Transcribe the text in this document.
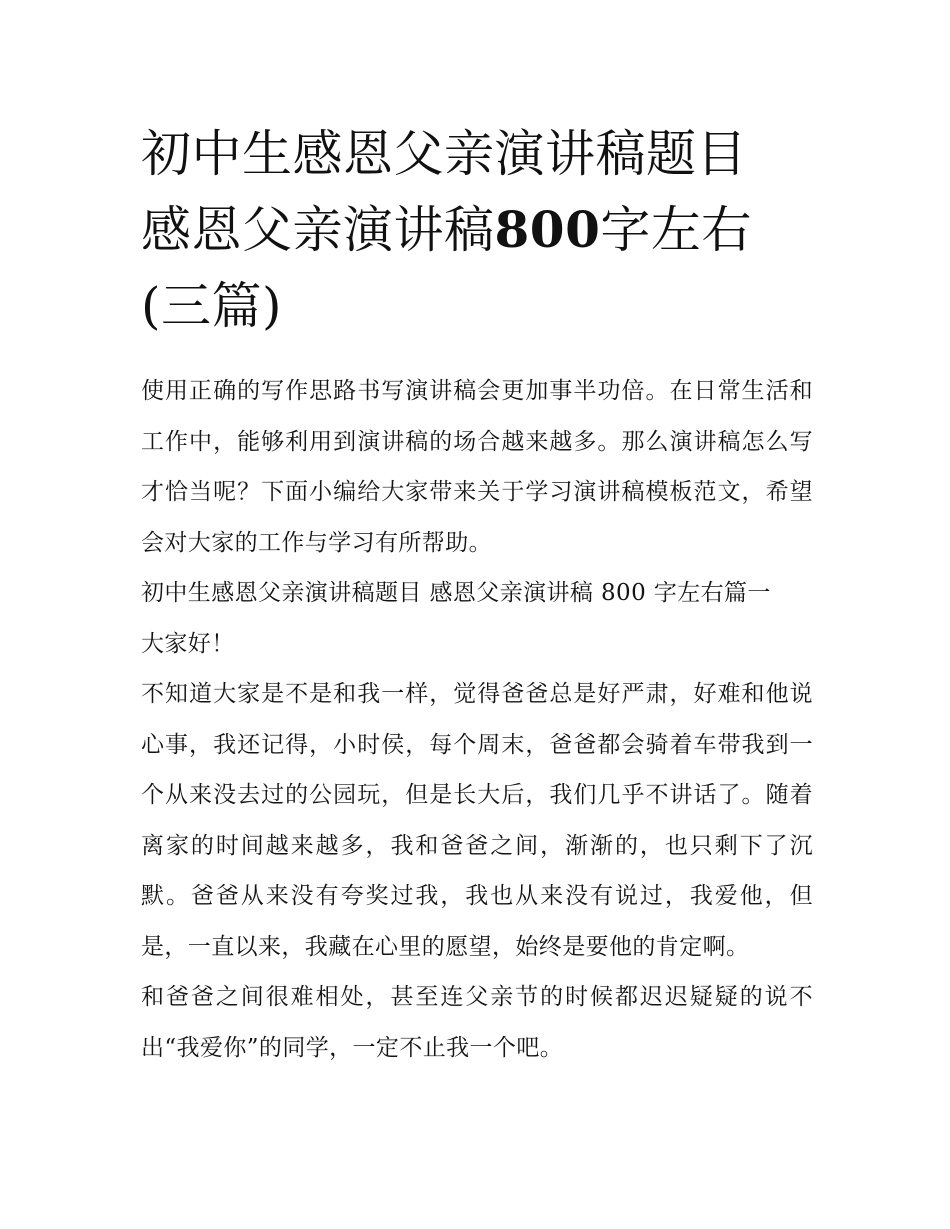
初中生感恩父亲演讲稿题目 感恩父亲演讲稿800字左右(三篇)

使用正确的写作思路书写演讲稿会更加事半功倍。在日常生活和工作中，能够利用到演讲稿的场合越来越多。那么演讲稿怎么写才恰当呢？下面小编给大家带来关于学习演讲稿模板范文，希望会对大家的工作与学习有所帮助。

初中生感恩父亲演讲稿题目 感恩父亲演讲稿 800 字左右篇一

大家好！

不知道大家是不是和我一样，觉得爸爸总是好严肃，好难和他说心事，我还记得，小时侯，每个周末，爸爸都会骑着车带我到一个从来没去过的公园玩，但是长大后，我们几乎不讲话了。随着离家的时间越来越多，我和爸爸之间，渐渐的，也只剩下了沉默。爸爸从来没有夸奖过我，我也从来没有说过，我爱他，但是，一直以来，我藏在心里的愿望，始终是要他的肯定啊。

和爸爸之间很难相处，甚至连父亲节的时候都迟迟疑疑的说不出“我爱你”的同学，一定不止我一个吧。
